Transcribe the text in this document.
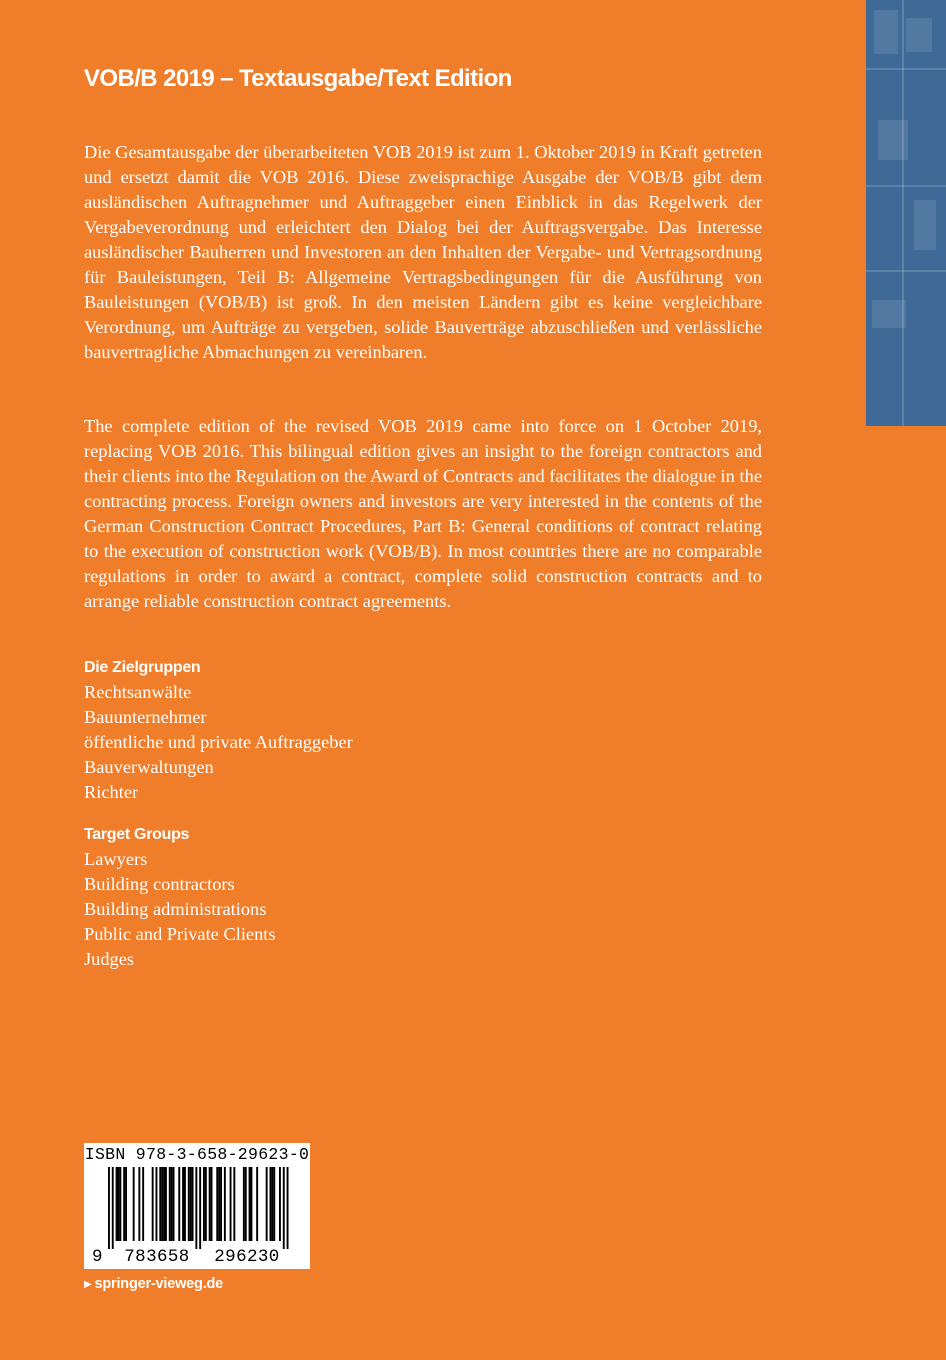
VOB/B 2019 – Textausgabe/Text Edition

Die Gesamtausgabe der überarbeiteten VOB 2019 ist zum 1. Oktober 2019 in Kraft getreten und ersetzt damit die VOB 2016. Diese zweisprachige Ausgabe der VOB/B gibt dem ausländischen Auftragnehmer und Auftraggeber einen Einblick in das Regelwerk der Vergabeverordnung und erleichtert den Dialog bei der Auftragsvergabe. Das Interesse ausländischer Bauherren und Investoren an den Inhalten der Vergabe- und Vertragsordnung für Bauleistungen, Teil B: Allgemeine Vertragsbedingungen für die Ausführung von Bauleistungen (VOB/B) ist groß. In den meisten Ländern gibt es keine vergleichbare Verordnung, um Aufträge zu vergeben, solide Bauverträge abzuschließen und verlässliche bauvertragliche Abmachungen zu vereinbaren.

The complete edition of the revised VOB 2019 came into force on 1 October 2019, replacing VOB 2016. This bilingual edition gives an insight to the foreign contractors and their clients into the Regulation on the Award of Contracts and facilitates the dialogue in the contracting process. Foreign owners and investors are very interested in the contents of the German Construction Contract Procedures, Part B: General conditions of contract relating to the execution of construction work (VOB/B). In most countries there are no comparable regulations in order to award a contract, complete solid construction contracts and to arrange reliable construction contract agreements.

Die Zielgruppen
Rechtsanwälte
Bauunternehmer
öffentliche und private Auftraggeber
Bauverwaltungen
Richter
Target Groups
Lawyers
Building contractors
Building administrations
Public and Private Clients
Judges
ISBN 978-3-658-29623-0
9	783658	296230
▶ springer-vieweg.de
